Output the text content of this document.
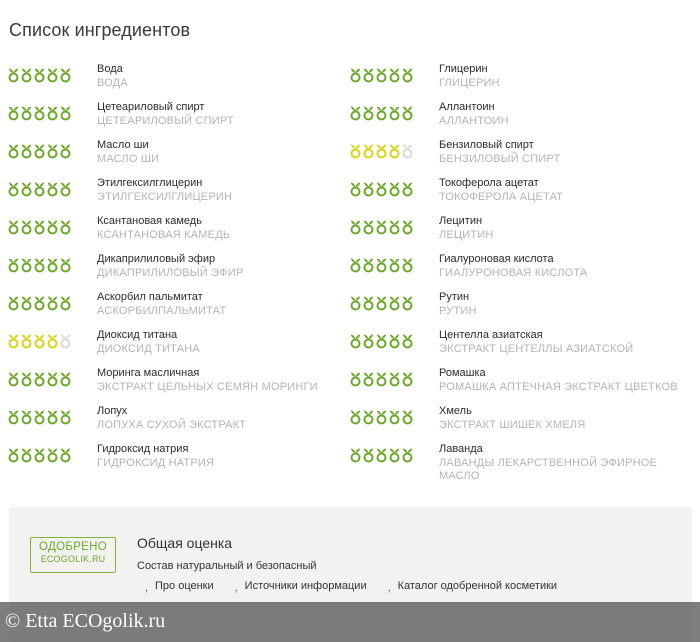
Список ингредиентов
Вода
ВОДА
Цетеариловый спирт
ЦЕТЕАРИЛОВЫЙ СПИРТ
Масло ши
МАСЛО ШИ
Этилгексилглицерин
ЭТИЛГЕКСИЛГЛИЦЕРИН
Ксантановая камедь
КСАНТАНОВАЯ КАМЕДЬ
Дикаприлиловый эфир
ДИКАПРИЛИЛОВЫЙ ЭФИР
Аскорбил пальмитат
АСКОРБИЛПАЛЬМИТАТ
Диоксид титана
ДИОКСИД ТИТАНА
Моринга масличная
ЭКСТРАКТ ЦЕЛЬНЫХ СЕМЯН МОРИНГИ
Лопух
ЛОПУХА СУХОЙ ЭКСТРАКТ
Гидроксид натрия
ГИДРОКСИД НАТРИЯ
Глицерин
ГЛИЦЕРИН
Аллантоин
АЛЛАНТОИН
Бензиловый спирт
БЕНЗИЛОВЫЙ СПИРТ
Токоферола ацетат
ТОКОФЕРОЛА АЦЕТАТ
Лецитин
ЛЕЦИТИН
Гиалуроновая кислота
ГИАЛУРОНОВАЯ КИСЛОТА
Рутин
РУТИН
Центелла азиатская
ЭКСТРАКТ ЦЕНТЕЛЛЫ АЗИАТСКОЙ
Ромашка
РОМАШКА АПТЕЧНАЯ ЭКСТРАКТ ЦВЕТКОВ
Хмель
ЭКСТРАКТ ШИШЕК ХМЕЛЯ
Лаванда
ЛАВАНДЫ ЛЕКАРСТВЕННОЙ ЭФИРНОЕ МАСЛО
ОДОБРЕНО
ECOGOLIK.RU
Общая оценка
Состав натуральный и безопасный
, Про оценки	, Источники информации	, Каталог одобренной косметики
© Etta ECOgolik.ru
